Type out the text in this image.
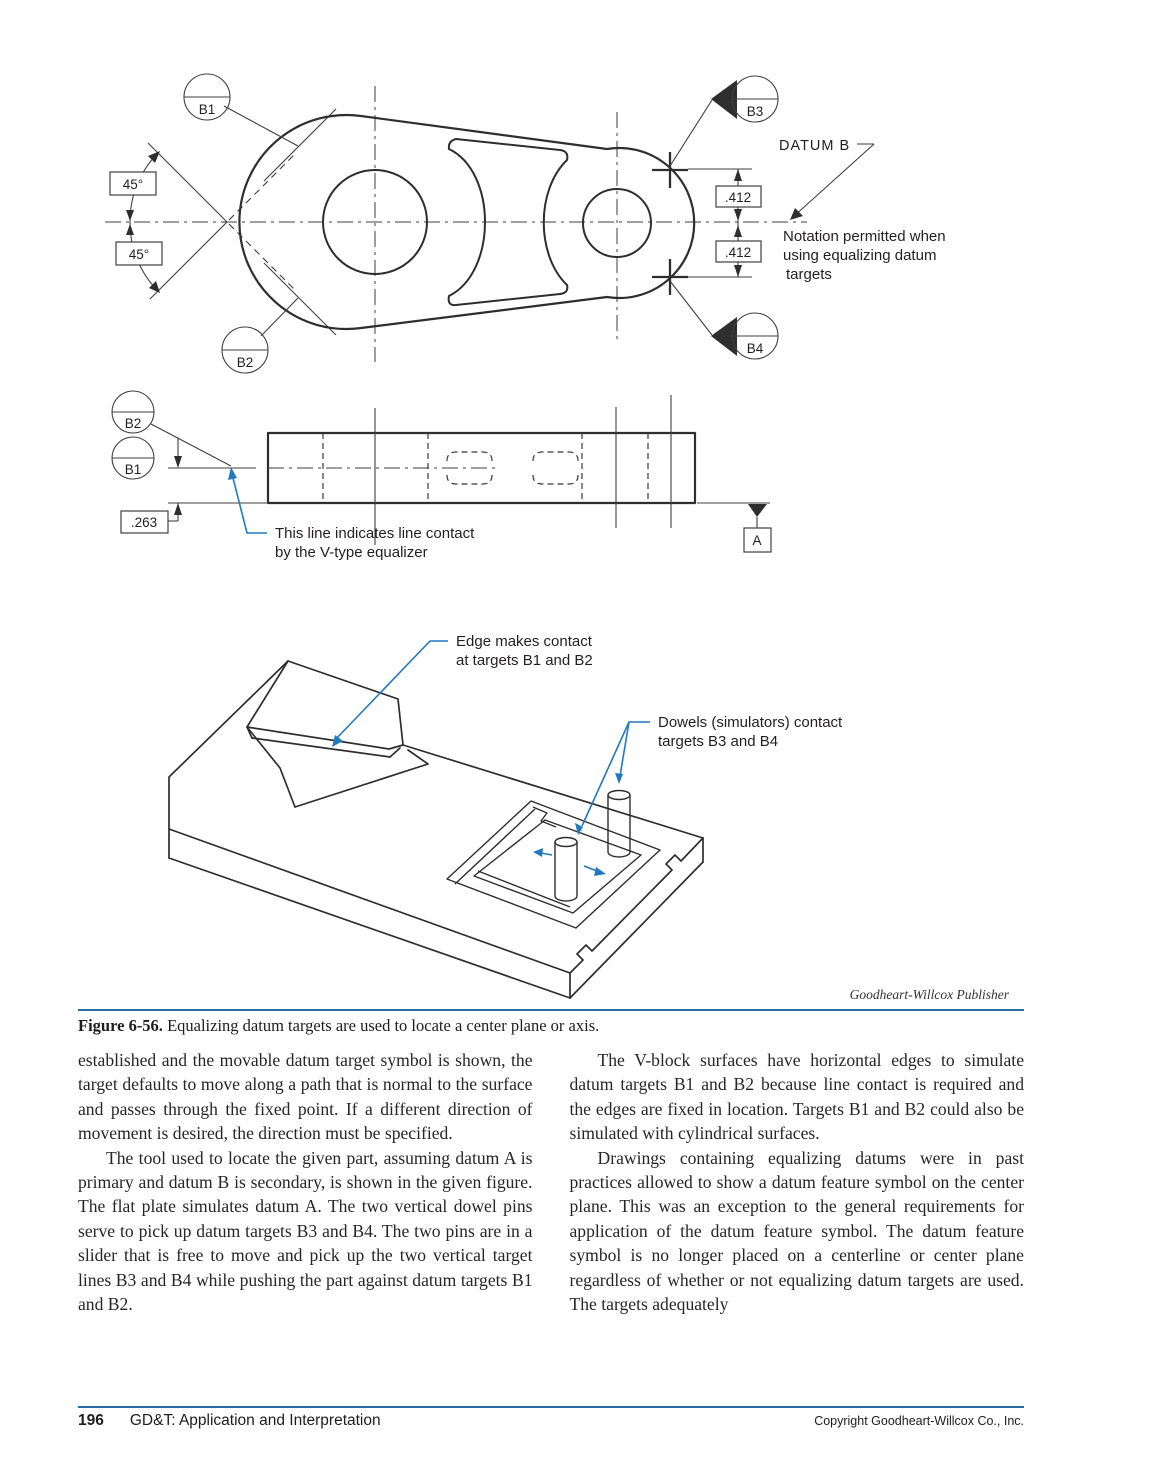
.412
.412
45°
45°
B1
B2
B3
B4
DATUM B
Notation permitted when
using equalizing datum
targets
B2
B1
.263
This line indicates line contact
by the V-type equalizer
A
Edge makes contact
at targets B1 and B2
Dowels (simulators) contact
targets B3 and B4
Goodheart-Willcox Publisher

Figure 6-56. Equalizing datum targets are used to locate a center plane or axis.

established and the movable datum target symbol is shown, the target defaults to move along a path that is normal to the surface and passes through the fixed point. If a different direction of movement is desired, the direction must be specified.

The tool used to locate the given part, assuming datum A is primary and datum B is secondary, is shown in the given figure. The flat plate simulates datum A. The two vertical dowel pins serve to pick up datum targets B3 and B4. The two pins are in a slider that is free to move and pick up the two vertical target lines B3 and B4 while pushing the part against datum targets B1 and B2.

The V-block surfaces have horizontal edges to simulate datum targets B1 and B2 because line contact is required and the edges are fixed in location. Targets B1 and B2 could also be simulated with cylindrical surfaces.

Drawings containing equalizing datums were in past practices allowed to show a datum feature symbol on the center plane. This was an exception to the general requirements for application of the datum feature symbol. The datum feature symbol is no longer placed on a centerline or center plane regardless of whether or not equalizing datum targets are used. The targets adequately

196 GD&T: Application and Interpretation	Copyright Goodheart-Willcox Co., Inc.
